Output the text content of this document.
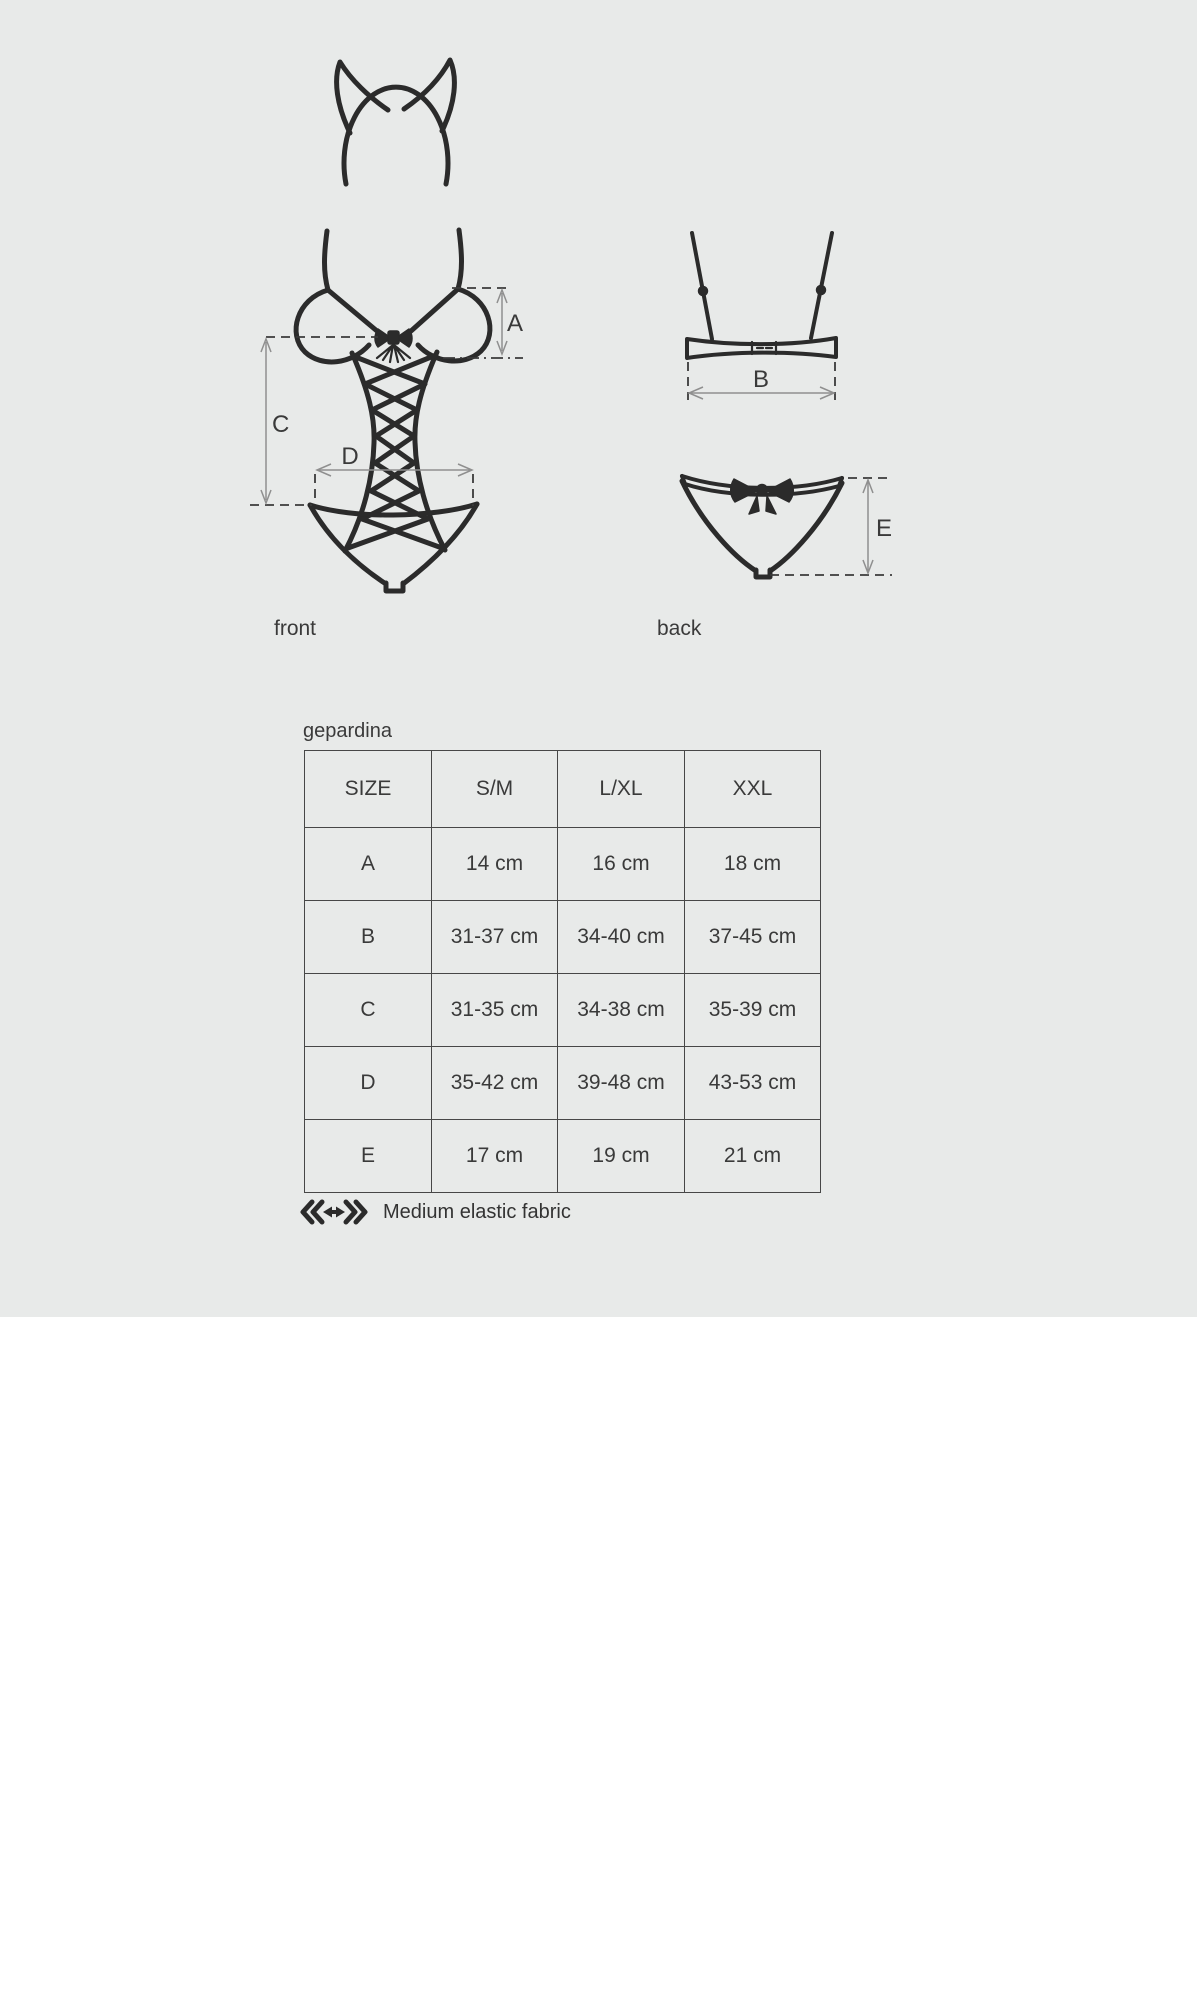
A
C
D
B
E
front	back
gepardina
SIZE	S/M	L/XL	XXL
A	14 cm	16 cm	18 cm
B	31-37 cm	34-40 cm	37-45 cm
C	31-35 cm	34-38 cm	35-39 cm
D	35-42 cm	39-48 cm	43-53 cm
E	17 cm	19 cm	21 cm
Medium elastic fabric
